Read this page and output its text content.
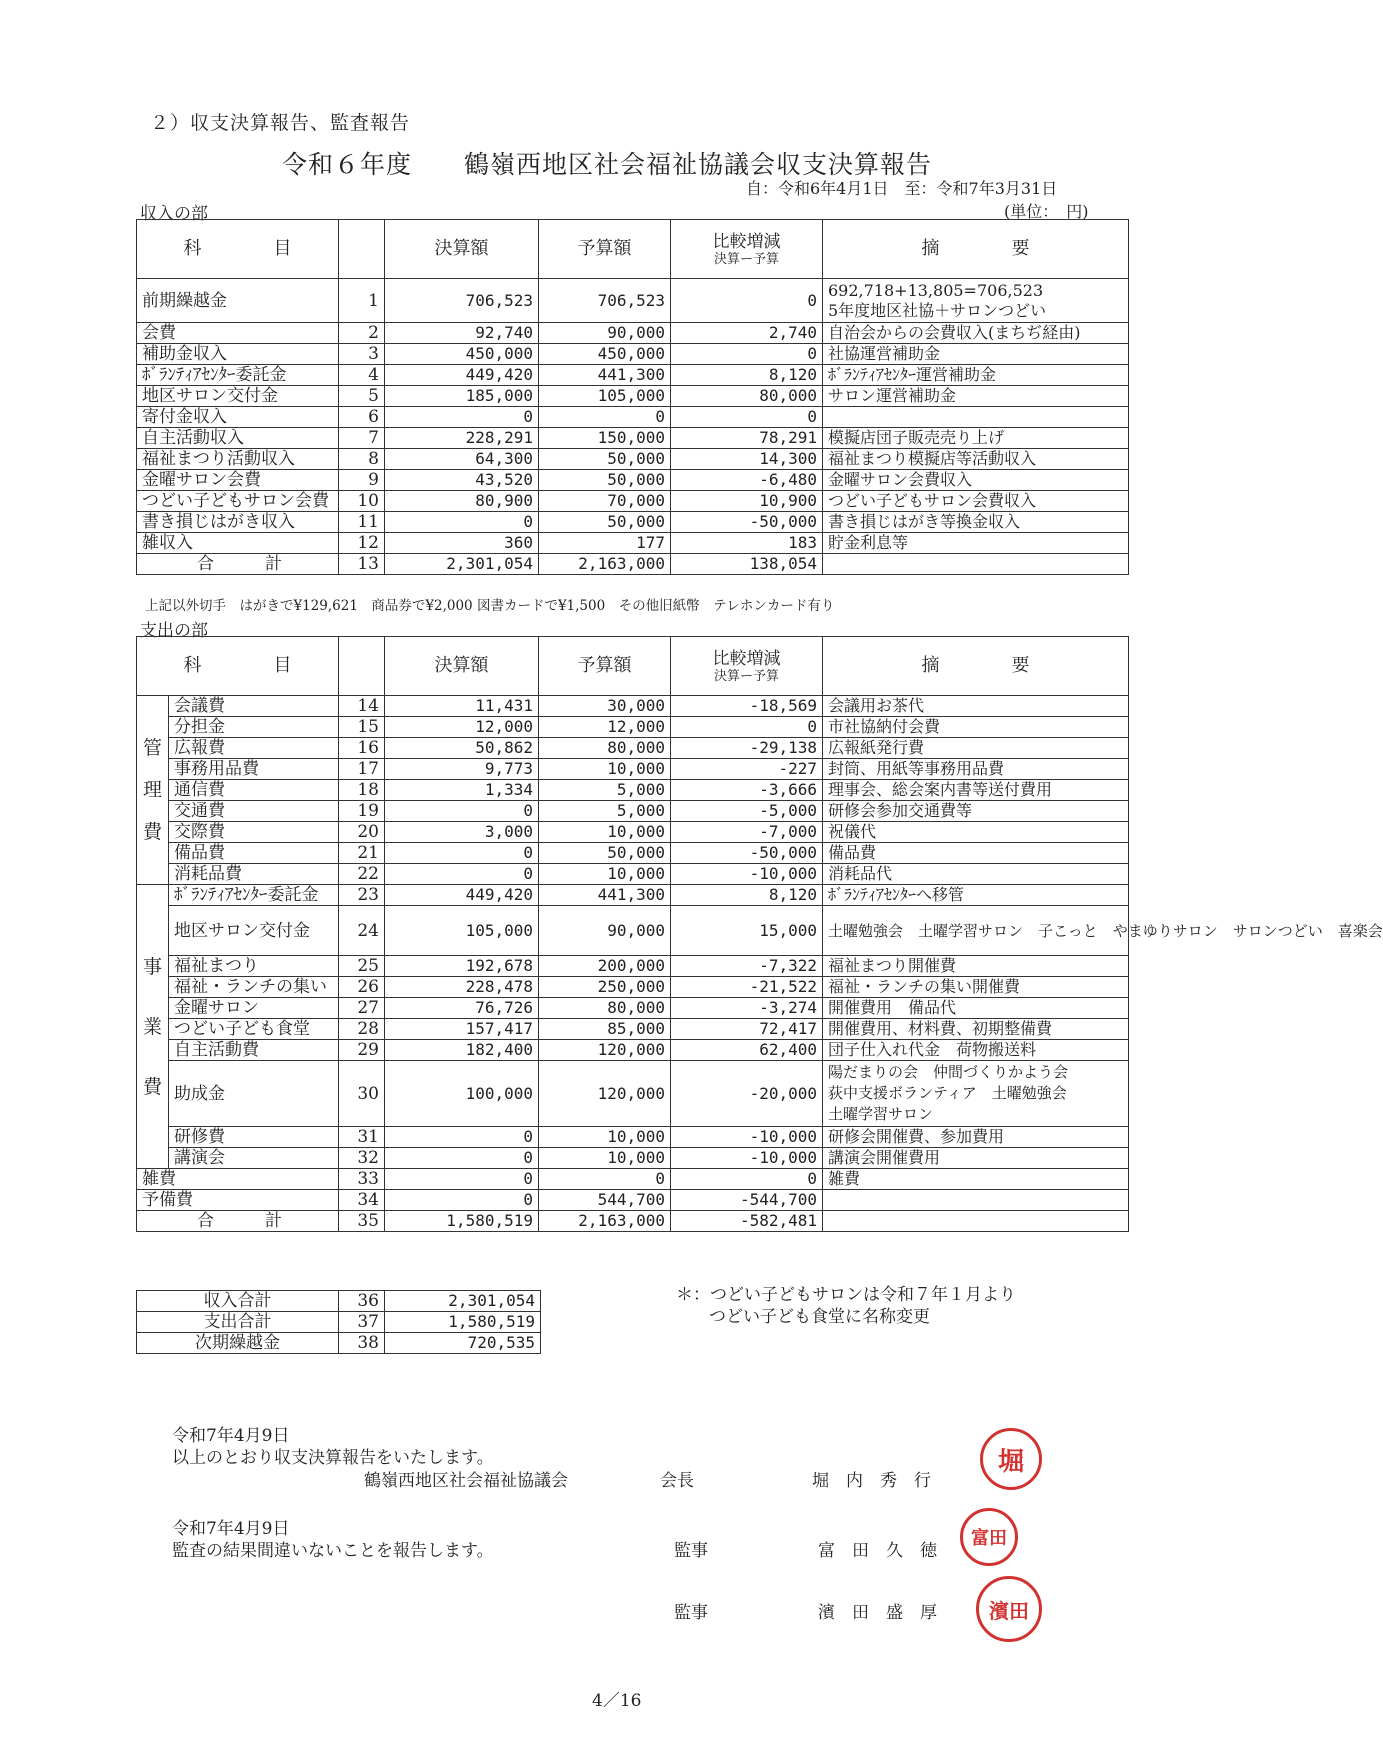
２）収支決算報告、監査報告
令和６年度　　鶴嶺西地区社会福祉協議会収支決算報告
自：令和6年4月1日　至：令和7年3月31日
収入の部	(単位：　円)
科　　　　目		決算額	予算額	比較増減
決算ー予算	摘　　　　要
前期繰越金	1	706,523	706,523	0	692,718+13,805=706,523
5年度地区社協＋サロンつどい
会費	2	92,740	90,000	2,740	自治会からの会費収入(まちぢ経由)
補助金収入	3	450,000	450,000	0	社協運営補助金
ﾎﾞﾗﾝﾃｨｱｾﾝﾀｰ委託金	4	449,420	441,300	8,120	ﾎﾞﾗﾝﾃｨｱｾﾝﾀｰ運営補助金
地区サロン交付金	5	185,000	105,000	80,000	サロン運営補助金
寄付金収入	6	0	0	0	
自主活動収入	7	228,291	150,000	78,291	模擬店団子販売売り上げ
福祉まつり活動収入	8	64,300	50,000	14,300	福祉まつり模擬店等活動収入
金曜サロン会費	9	43,520	50,000	-6,480	金曜サロン会費収入
つどい子どもサロン会費	10	80,900	70,000	10,900	つどい子どもサロン会費収入
書き損じはがき収入	11	0	50,000	-50,000	書き損じはがき等換金収入
雑収入	12	360	177	183	貯金利息等
合　　　計	13	2,301,054	2,163,000	138,054	
上記以外切手　はがきで¥129,621　商品券で¥2,000 図書カードで¥1,500　その他旧紙幣　テレホンカード有り
支出の部
科　　　　目			決算額	予算額	比較増減
決算ー予算	摘　　　　要

管
理
費	会議費	14	11,431	30,000	-18,569	会議用お茶代
	分担金	15	12,000	12,000	0	市社協納付会費
	広報費	16	50,862	80,000	-29,138	広報紙発行費
	事務用品費	17	9,773	10,000	-227	封筒、用紙等事務用品費
	通信費	18	1,334	5,000	-3,666	理事会、総会案内書等送付費用
	交通費	19	0	5,000	-5,000	研修会参加交通費等
	交際費	20	3,000	10,000	-7,000	祝儀代
	備品費	21	0	50,000	-50,000	備品費
	消耗品費	22	0	10,000	-10,000	消耗品代

事
業
費	ﾎﾞﾗﾝﾃｨｱｾﾝﾀｰ委託金	23	449,420	441,300	8,120	ﾎﾞﾗﾝﾃｨｱｾﾝﾀｰへ移管
	地区サロン交付金	24	105,000	90,000	15,000	土曜勉強会　土曜学習サロン　子こっと　やまゆりサロン　サロンつどい　喜楽会
	福祉まつり	25	192,678	200,000	-7,322	福祉まつり開催費
	福祉・ランチの集い	26	228,478	250,000	-21,522	福祉・ランチの集い開催費
	金曜サロン	27	76,726	80,000	-3,274	開催費用　備品代
	つどい子ども食堂	28	157,417	85,000	72,417	開催費用、材料費、初期整備費
	自主活動費	29	182,400	120,000	62,400	団子仕入れ代金　荷物搬送料
	助成金	30	100,000	120,000	-20,000	陽だまりの会　仲間づくりかよう会
荻中支援ボランティア　土曜勉強会
土曜学習サロン
	研修費	31	0	10,000	-10,000	研修会開催費、参加費用
	講演会	32	0	10,000	-10,000	講演会開催費用
雑費		33	0	0	0	雑費
予備費		34	0	544,700	-544,700	
合　　　計		35	1,580,519	2,163,000	-582,481	
収入合計	36	2,301,054
支出合計	37	1,580,519
次期繰越金	38	720,535
＊：つどい子どもサロンは令和７年１月より
つどい子ども食堂に名称変更
令和7年4月9日
以上のとおり収支決算報告をいたします。
鶴嶺西地区社会福祉協議会	会長	堀　内　秀　行
堀
令和7年4月9日
監査の結果間違いないことを報告します。	監事	富　田　久　徳
富田
監事	濱　田　盛　厚	濱田
4／16
